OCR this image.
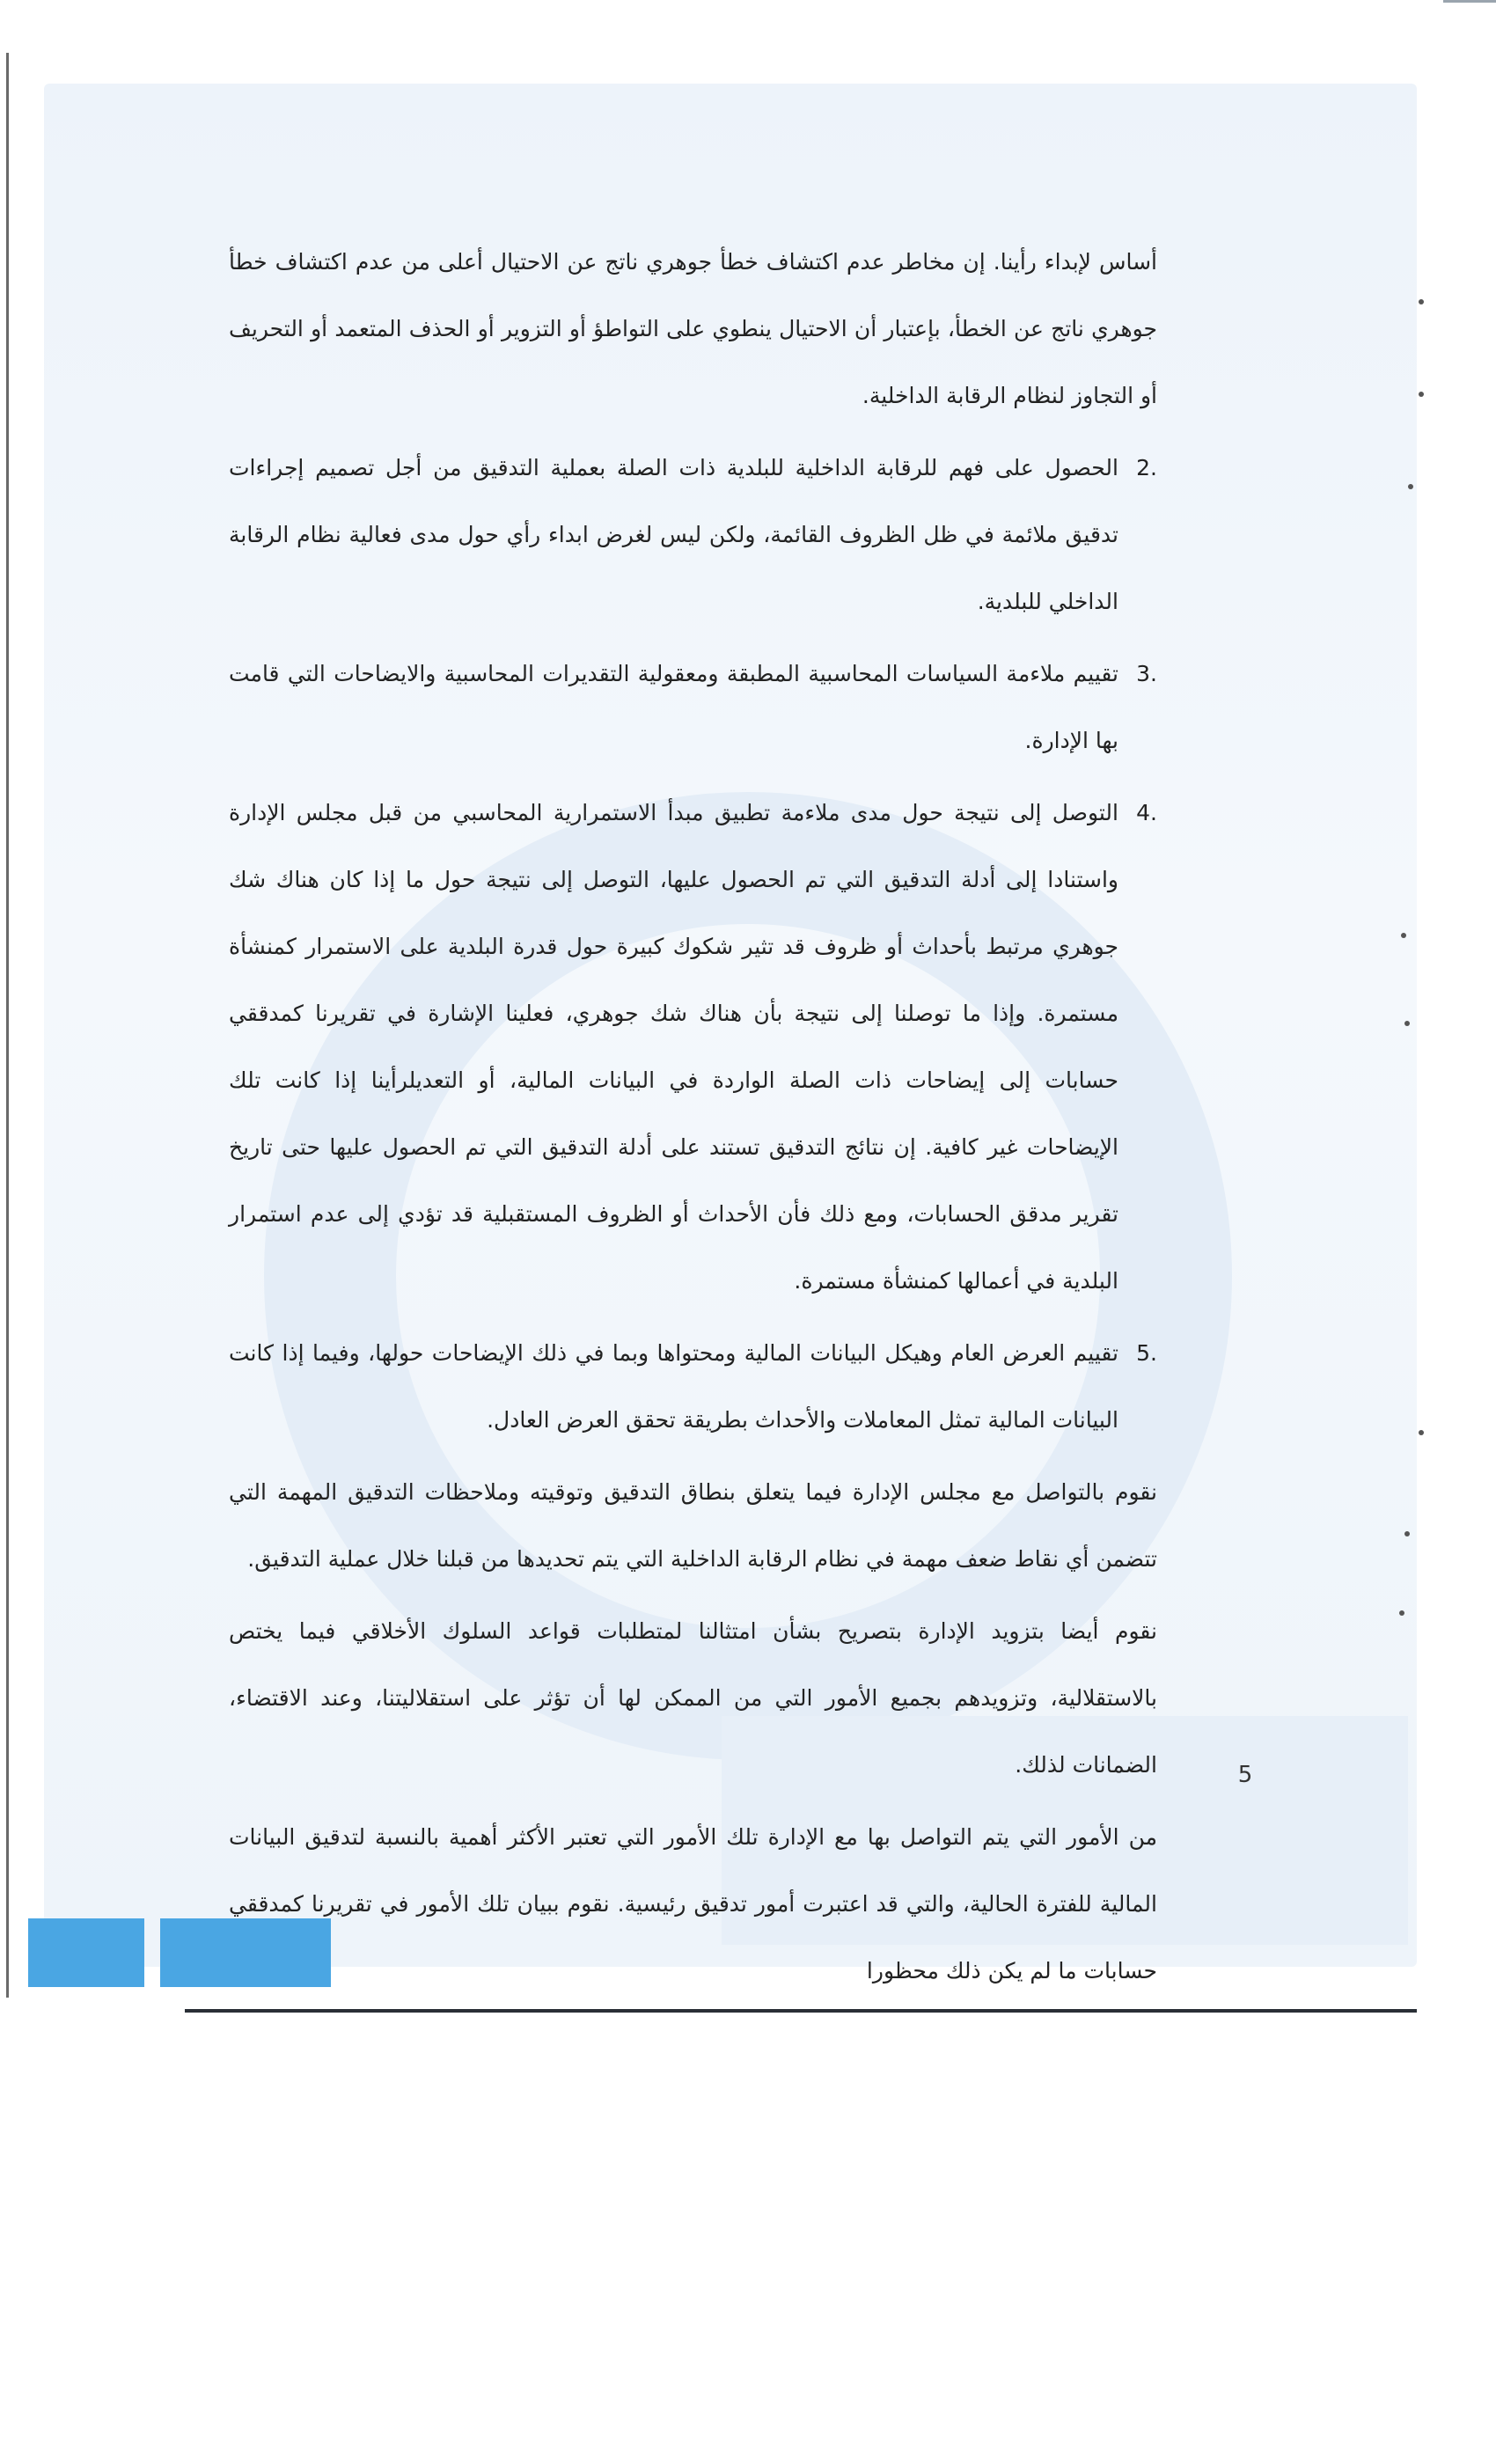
أساس لإبداء رأينا. إن مخاطر عدم اكتشاف خطأ جوهري ناتج عن الاحتيال أعلى من عدم اكتشاف خطأ جوهري ناتج عن الخطأ، بإعتبار أن الاحتيال ينطوي على التواطؤ أو التزوير أو الحذف المتعمد أو التحريف أو التجاوز لنظام الرقابة الداخلية.

2.

الحصول على فهم للرقابة الداخلية للبلدية ذات الصلة بعملية التدقيق من أجل تصميم إجراءات تدقيق ملائمة في ظل الظروف القائمة، ولكن ليس لغرض ابداء رأي حول مدى فعالية نظام الرقابة الداخلي للبلدية.

3.

تقييم ملاءمة السياسات المحاسبية المطبقة ومعقولية التقديرات المحاسبية والايضاحات التي قامت بها الإدارة.

4.

التوصل إلى نتيجة حول مدى ملاءمة تطبيق مبدأ الاستمرارية المحاسبي من قبل مجلس الإدارة واستنادا إلى أدلة التدقيق التي تم الحصول عليها، التوصل إلى نتيجة حول ما إذا كان هناك شك جوهري مرتبط بأحداث أو ظروف قد تثير شكوك كبيرة حول قدرة البلدية على الاستمرار كمنشأة مستمرة. وإذا ما توصلنا إلى نتيجة بأن هناك شك جوهري، فعلينا الإشارة في تقريرنا كمدققي حسابات إلى إيضاحات ذات الصلة الواردة في البيانات المالية، أو التعديلرأينا إذا كانت تلك الإيضاحات غير كافية. إن نتائج التدقيق تستند على أدلة التدقيق التي تم الحصول عليها حتى تاريخ تقرير مدقق الحسابات، ومع ذلك فأن الأحداث أو الظروف المستقبلية قد تؤدي إلى عدم استمرار البلدية في أعمالها كمنشأة مستمرة.

5.

تقييم العرض العام وهيكل البيانات المالية ومحتواها وبما في ذلك الإيضاحات حولها، وفيما إذا كانت البيانات المالية تمثل المعاملات والأحداث بطريقة تحقق العرض العادل.

نقوم بالتواصل مع مجلس الإدارة فيما يتعلق بنطاق التدقيق وتوقيته وملاحظات التدقيق المهمة التي تتضمن أي نقاط ضعف مهمة في نظام الرقابة الداخلية التي يتم تحديدها من قبلنا خلال عملية التدقيق.

نقوم أيضا بتزويد الإدارة بتصريح بشأن امتثالنا لمتطلبات قواعد السلوك الأخلاقي فيما يختص بالاستقلالية، وتزويدهم بجميع الأمور التي من الممكن لها أن تؤثر على استقلاليتنا، وعند الاقتضاء، الضمانات لذلك.

من الأمور التي يتم التواصل بها مع الإدارة تلك الأمور التي تعتبر الأكثر أهمية بالنسبة لتدقيق البيانات المالية للفترة الحالية، والتي قد اعتبرت أمور تدقيق رئيسية. نقوم ببيان تلك الأمور في تقريرنا كمدققي حسابات ما لم يكن ذلك محظورا

5
